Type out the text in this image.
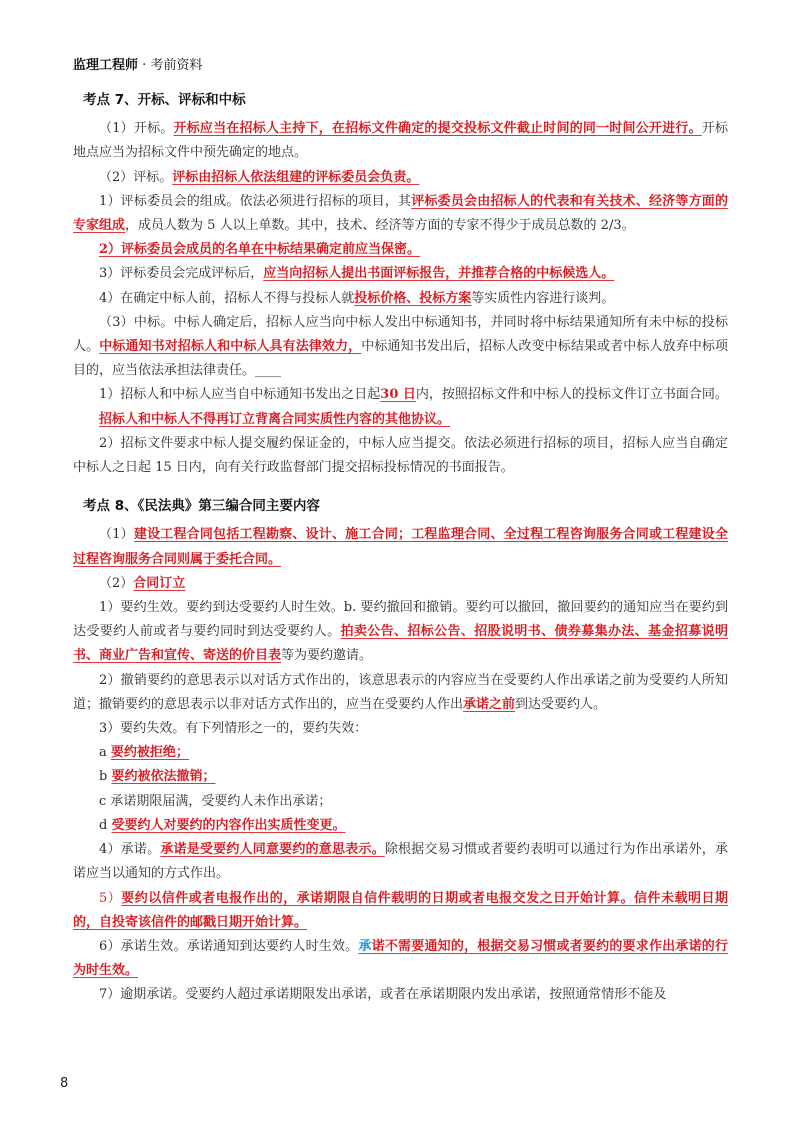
监理工程师 · 考前资料
考点 7、开标、评标和中标

（1）开标。开标应当在招标人主持下，在招标文件确定的提交投标文件截止时间的同一时间公开进行。开标地点应当为招标文件中预先确定的地点。

（2）评标。评标由招标人依法组建的评标委员会负责。

1）评标委员会的组成。依法必须进行招标的项目，其评标委员会由招标人的代表和有关技术、经济等方面的专家组成，成员人数为 5 人以上单数。其中，技术、经济等方面的专家不得少于成员总数的 2/3。

2）评标委员会成员的名单在中标结果确定前应当保密。

3）评标委员会完成评标后，应当向招标人提出书面评标报告，并推荐合格的中标候选人。

4）在确定中标人前，招标人不得与投标人就投标价格、投标方案等实质性内容进行谈判。

（3）中标。中标人确定后，招标人应当向中标人发出中标通知书，并同时将中标结果通知所有未中标的投标人。中标通知书对招标人和中标人具有法律效力，中标通知书发出后，招标人改变中标结果或者中标人放弃中标项目的，应当依法承担法律责任。____

1）招标人和中标人应当自中标通知书发出之日起30 日内，按照招标文件和中标人的投标文件订立书面合同。

招标人和中标人不得再订立背离合同实质性内容的其他协议。

2）招标文件要求中标人提交履约保证金的，中标人应当提交。依法必须进行招标的项目，招标人应当自确定中标人之日起 15 日内，向有关行政监督部门提交招标投标情况的书面报告。

考点 8、《民法典》第三编合同主要内容

（1）建设工程合同包括工程勘察、设计、施工合同；工程监理合同、全过程工程咨询服务合同或工程建设全过程咨询服务合同则属于委托合同。

（2）合同订立

1）要约生效。要约到达受要约人时生效。b. 要约撤回和撤销。要约可以撤回，撤回要约的通知应当在要约到达受要约人前或者与要约同时到达受要约人。拍卖公告、招标公告、招股说明书、债券募集办法、基金招募说明书、商业广告和宣传、寄送的价目表等为要约邀请。

2）撤销要约的意思表示以对话方式作出的，该意思表示的内容应当在受要约人作出承诺之前为受要约人所知道；撤销要约的意思表示以非对话方式作出的，应当在受要约人作出承诺之前到达受要约人。

3）要约失效。有下列情形之一的，要约失效：

a 要约被拒绝；

b 要约被依法撤销；

c 承诺期限届满，受要约人未作出承诺；

d 受要约人对要约的内容作出实质性变更。

4）承诺。承诺是受要约人同意要约的意思表示。除根据交易习惯或者要约表明可以通过行为作出承诺外，承诺应当以通知的方式作出。

5）要约以信件或者电报作出的，承诺期限自信件载明的日期或者电报交发之日开始计算。信件未载明日期的，自投寄该信件的邮戳日期开始计算。

6）承诺生效。承诺通知到达要约人时生效。承诺不需要通知的，根据交易习惯或者要约的要求作出承诺的行为时生效。

7）逾期承诺。受要约人超过承诺期限发出承诺，或者在承诺期限内发出承诺，按照通常情形不能及

8
